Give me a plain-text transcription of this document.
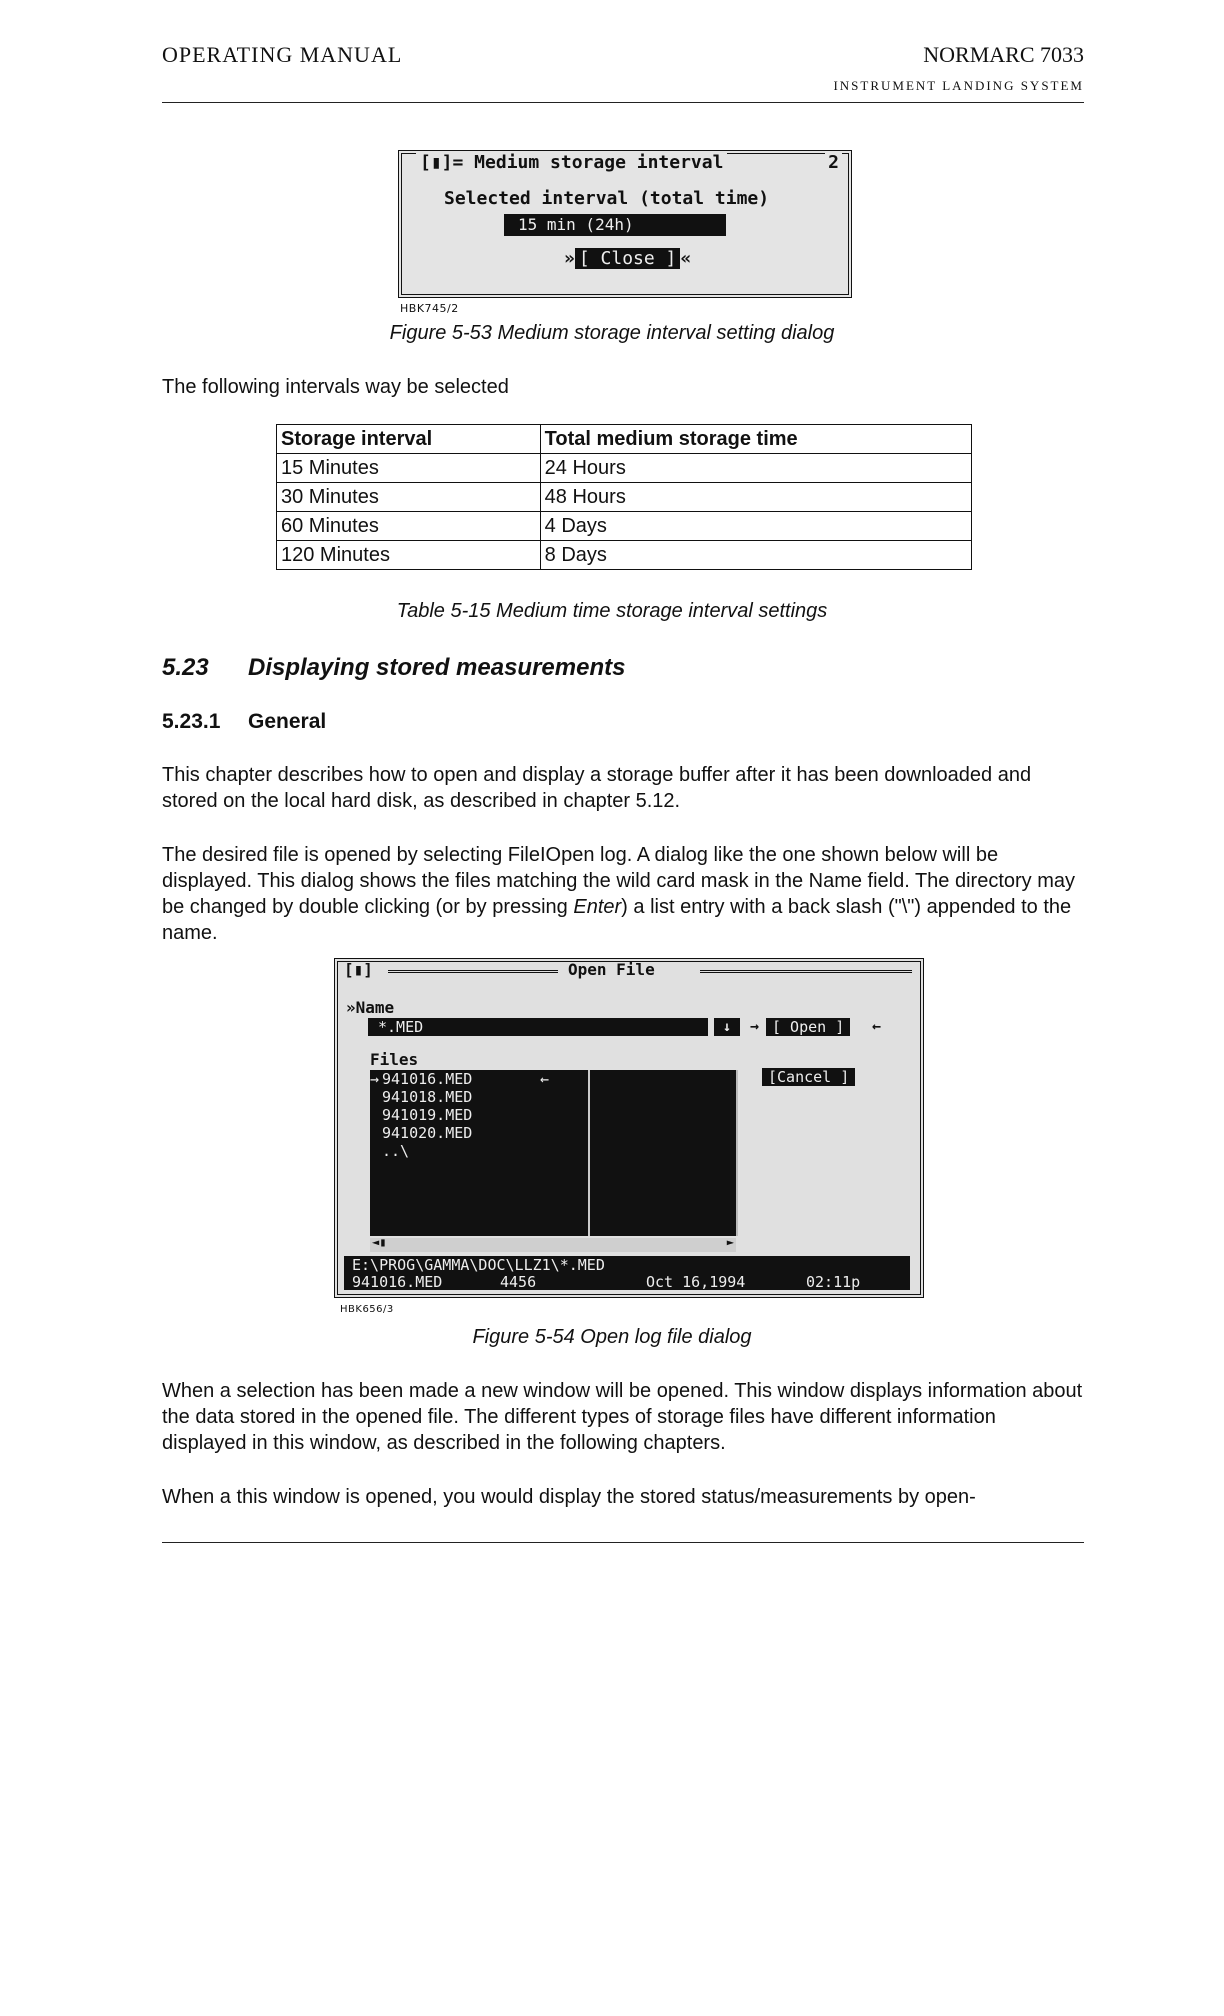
OPERATING MANUAL	NORMARC 7033
INSTRUMENT LANDING SYSTEM
[▮]= Medium storage interval	2
Selected interval (total time)
15 min (24h)
» [ Close ] «
HBK745/2
Figure 5-53 Medium storage interval setting dialog
The following intervals way be selected
Storage interval	Total medium storage time
15 Minutes	24 Hours
30 Minutes	48 Hours
60 Minutes	4 Days
120 Minutes	8 Days
Table 5-15 Medium time storage interval settings
5.23 Displaying stored measurements
5.23.1 General
This chapter describes how to open and display a storage buffer after it has been downloaded and stored on the local hard disk, as described in chapter 5.12.
The desired file is opened by selecting FileIOpen log. A dialog like the one shown below will be displayed. This dialog shows the files matching the wild card mask in the Name field. The directory may be changed by double clicking (or by pressing Enter) a list entry with a back slash ("\") appended to the name.
[▮]	Open File
»Name
*.MED	↓	→ [ Open ]	←
Files
→ 941016.MED	←
941018.MED
941019.MED
941020.MED
..\
[Cancel ]
◄▮	►
E:\PROG\GAMMA\DOC\LLZ1\*.MED
941016.MED	4456	Oct 16,1994	02:11p
HBK656/3
Figure 5-54 Open log file dialog
When a selection has been made a new window will be opened. This window displays information about the data stored in the opened file. The different types of storage files have different information displayed in this window, as described in the following chapters.
When a this window is opened, you would display the stored status/measurements by open-
